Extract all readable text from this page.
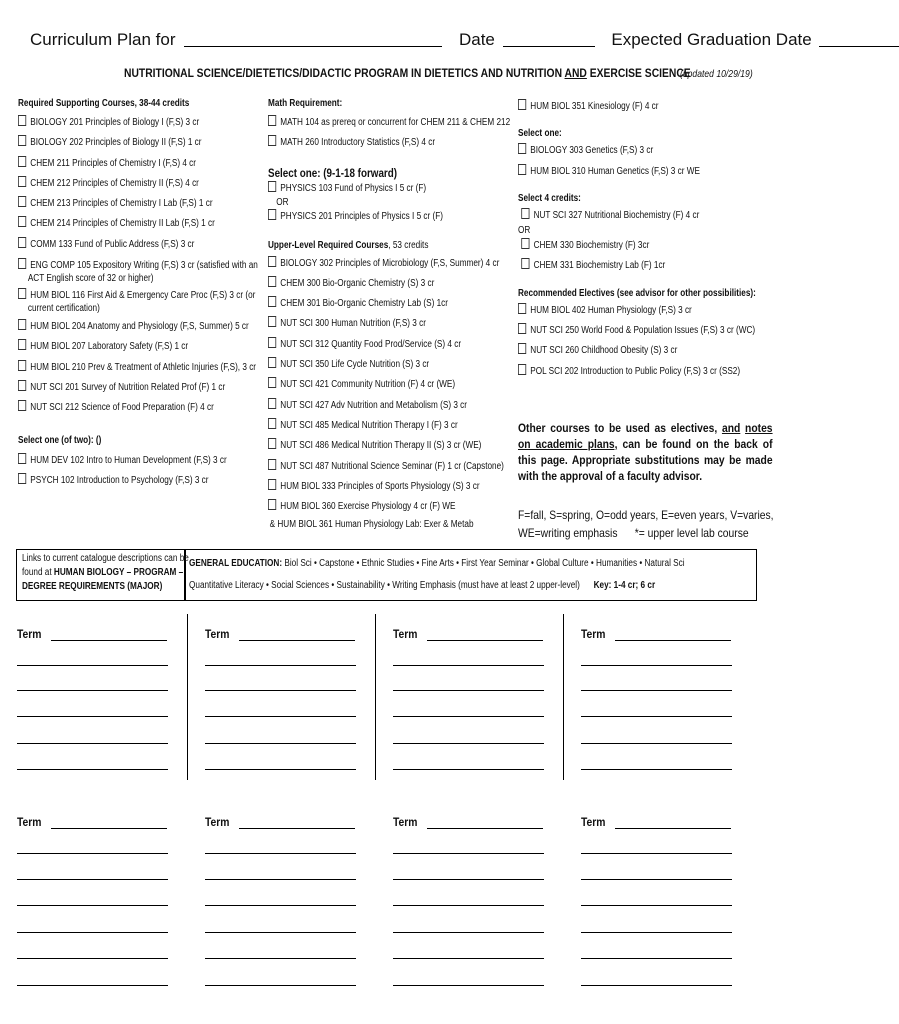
Curriculum Plan for	Date	Expected Graduation Date
NUTRITIONAL SCIENCE/DIETETICS/DIDACTIC PROGRAM IN DIETETICS AND NUTRITION AND EXERCISE SCIENCE
(updated 10/29/19)
Required Supporting Courses, 38-44 credits
BIOLOGY 201 Principles of Biology I (F,S) 3 cr
BIOLOGY 202 Principles of Biology II (F,S) 1 cr
CHEM 211 Principles of Chemistry I (F,S) 4 cr
CHEM 212 Principles of Chemistry II (F,S) 4 cr
CHEM 213 Principles of Chemistry I Lab (F,S) 1 cr
CHEM 214 Principles of Chemistry II Lab (F,S) 1 cr
COMM 133 Fund of Public Address (F,S) 3 cr
ENG COMP 105 Expository Writing (F,S) 3 cr (satisfied with an
ACT English score of 32 or higher)
HUM BIOL 116 First Aid & Emergency Care Proc (F,S) 3 cr (or
current certification)
HUM BIOL 204 Anatomy and Physiology (F,S, Summer) 5 cr
HUM BIOL 207 Laboratory Safety (F,S) 1 cr
HUM BIOL 210 Prev & Treatment of Athletic Injuries (F,S), 3 cr
NUT SCI 201 Survey of Nutrition Related Prof (F) 1 cr
NUT SCI 212 Science of Food Preparation (F) 4 cr
Select one (of two): ()
HUM DEV 102 Intro to Human Development (F,S) 3 cr
PSYCH 102 Introduction to Psychology (F,S) 3 cr
Math Requirement:
MATH 104 as prereq or concurrent for CHEM 211 & CHEM 212
MATH 260 Introductory Statistics (F,S) 4 cr
Select one: (9-1-18 forward)
PHYSICS 103 Fund of Physics I 5 cr (F)
OR
PHYSICS 201 Principles of Physics I 5 cr (F)
Upper-Level Required Courses, 53 credits
BIOLOGY 302 Principles of Microbiology (F,S, Summer) 4 cr
CHEM 300 Bio-Organic Chemistry (S) 3 cr
CHEM 301 Bio-Organic Chemistry Lab (S) 1cr
NUT SCI 300 Human Nutrition (F,S) 3 cr
NUT SCI 312 Quantity Food Prod/Service (S) 4 cr
NUT SCI 350 Life Cycle Nutrition (S) 3 cr
NUT SCI 421 Community Nutrition (F) 4 cr (WE)
NUT SCI 427 Adv Nutrition and Metabolism (S) 3 cr
NUT SCI 485 Medical Nutrition Therapy I (F) 3 cr
NUT SCI 486 Medical Nutrition Therapy II (S) 3 cr (WE)
NUT SCI 487 Nutritional Science Seminar (F) 1 cr (Capstone)
HUM BIOL 333 Principles of Sports Physiology (S) 3 cr
HUM BIOL 360 Exercise Physiology 4 cr (F) WE
& HUM BIOL 361 Human Physiology Lab: Exer & Metab
HUM BIOL 351 Kinesiology (F) 4 cr
Select one:
BIOLOGY 303 Genetics (F,S) 3 cr
HUM BIOL 310 Human Genetics (F,S) 3 cr WE
Select 4 credits:
NUT SCI 327 Nutritional Biochemistry (F) 4 cr
OR
CHEM 330 Biochemistry (F) 3cr
CHEM 331 Biochemistry Lab (F) 1cr
Recommended Electives (see advisor for other possibilities):
HUM BIOL 402 Human Physiology (F,S) 3 cr
NUT SCI 250 World Food & Population Issues (F,S) 3 cr (WC)
NUT SCI 260 Childhood Obesity (S) 3 cr
POL SCI 202 Introduction to Public Policy (F,S) 3 cr (SS2)
Other courses to be used as electives, and notes on academic plans, can be found on the back of this page. Appropriate substitutions may be made with the approval of a faculty advisor.
F=fall, S=spring, O=odd years, E=even years, V=varies,
WE=writing emphasis *= upper level lab course
Links to current catalogue descriptions can be
found at HUMAN BIOLOGY – PROGRAM –
DEGREE REQUIREMENTS (MAJOR)
GENERAL EDUCATION: Biol Sci • Capstone • Ethnic Studies • Fine Arts • First Year Seminar • Global Culture • Humanities • Natural Sci
Quantitative Literacy • Social Sciences • Sustainability • Writing Emphasis (must have at least 2 upper-level) Key: 1-4 cr; 6 cr
Term	Term	Term	Term
Term	Term	Term	Term
